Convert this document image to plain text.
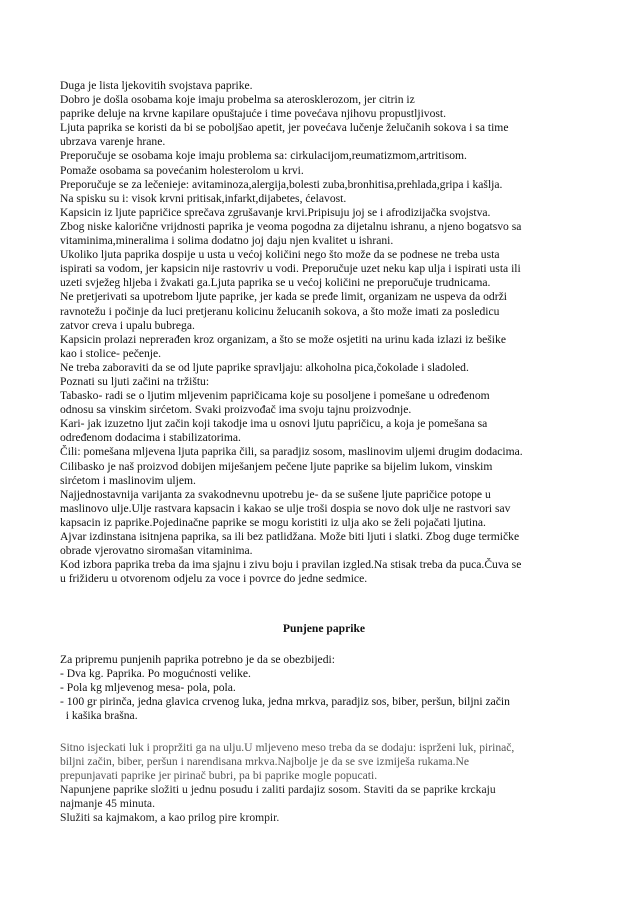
Duga je lista ljekovitih svojstava paprike.
Dobro je došla osobama koje imaju probelma sa aterosklerozom, jer citrin iz
paprike deluje na krvne kapilare opuštajuće i time povećava njihovu propustljivost.
Ljuta paprika se koristi da bi se poboljšao apetit, jer povećava lučenje želučanih sokova i sa time
ubrzava varenje hrane.
Preporučuje se osobama koje imaju problema sa: cirkulacijom,reumatizmom,artritisom.
Pomaže osobama sa povećanim holesterolom u krvi.
Preporučuje se za lečenieje: avitaminoza,alergija,bolesti zuba,bronhitisa,prehlada,gripa i kašlja.
Na spisku su i: visok krvni pritisak,infarkt,dijabetes, ćelavost.
Kapsicin iz ljute papričice sprečava zgrušavanje krvi.Pripisuju joj se i afrodizijačka svojstva.
Zbog niske kalorične vrijdnosti paprika je veoma pogodna za dijetalnu ishranu, a njeno bogatsvo sa
vitaminima,mineralima i solima dodatno joj daju njen kvalitet u ishrani.
Ukoliko ljuta paprika dospije u usta u većoj količini nego što može da se podnese ne treba usta
ispirati sa vodom, jer kapsicin nije rastovriv u vodi. Preporučuje uzet neku kap ulja i ispirati usta ili
uzeti svježeg hljeba i žvakati ga.Ljuta paprika se u većoj količini ne preporučuje trudnicama.
Ne pretjerivati sa upotrebom ljute paprike, jer kada se pređe limit, organizam ne uspeva da održi
ravnotežu i počinje da luci pretjeranu kolicinu želucanih sokova, a što može imati za posledicu
zatvor creva i upalu bubrega.
Kapsicin prolazi neprerađen kroz organizam, a što se može osjetiti na urinu kada izlazi iz bešike
kao i stolice- pečenje.
Ne treba zaboraviti da se od ljute paprike spravljaju: alkoholna pica,čokolade i sladoled.
Poznati su ljuti začini na tržištu:
Tabasko- radi se o ljutim mljevenim papričicama koje su posoljene i pomešane u određenom
odnosu sa vinskim sirćetom. Svaki proizvođač ima svoju tajnu proizvodnje.
Kari- jak izuzetno ljut začin koji takodje ima u osnovi ljutu papričicu, a koja je pomešana sa
određenom dodacima i stabilizatorima.
Čili: pomešana mljevena ljuta paprika čili, sa paradjiz sosom, maslinovim uljemi drugim dodacima.
Cilibasko je naš proizvod dobijen miješanjem pečene ljute paprike sa bijelim lukom, vinskim
sirćetom i maslinovim uljem.
Najjednostavnija varijanta za svakodnevnu upotrebu je- da se sušene ljute papričice potope u
maslinovo ulje.Ulje rastvara kapsacin i kakao se ulje troši dospia se novo dok ulje ne rastvori sav
kapsacin iz paprike.Pojedinačne paprike se mogu koristiti iz ulja ako se želi pojačati ljutina.
Ajvar izdinstana isitnjena paprika, sa ili bez patlidžana. Može biti ljuti i slatki. Zbog duge termičke
obrade vjerovatno siromašan vitaminima.
Kod izbora paprika treba da ima sjajnu i zivu boju i pravilan izgled.Na stisak treba da puca.Čuva se
u frižideru u otvorenom odjelu za voce i povrce do jedne sedmice.
Punjene paprike
Za pripremu punjenih paprika potrebno je da se obezbijedi:
- Dva kg. Paprika. Po mogućnosti velike.
- Pola kg mljevenog mesa- pola, pola.
- 100 gr pirinča, jedna glavica crvenog luka, jedna mrkva, paradjiz sos, biber, peršun, biljni začin
i kašika brašna.
Sitno isjeckati luk i propržiti ga na ulju.U mljeveno meso treba da se dodaju: isprženi luk, pirinač,
biljni začin, biber, peršun i narendisana mrkva.Najbolje je da se sve izmiješa rukama.Ne
prepunjavati paprike jer pirinač bubri, pa bi paprike mogle popucati.
Napunjene paprike složiti u jednu posudu i zaliti pardajiz sosom. Staviti da se paprike krckaju
najmanje 45 minuta.
Služiti sa kajmakom, a kao prilog pire krompir.
